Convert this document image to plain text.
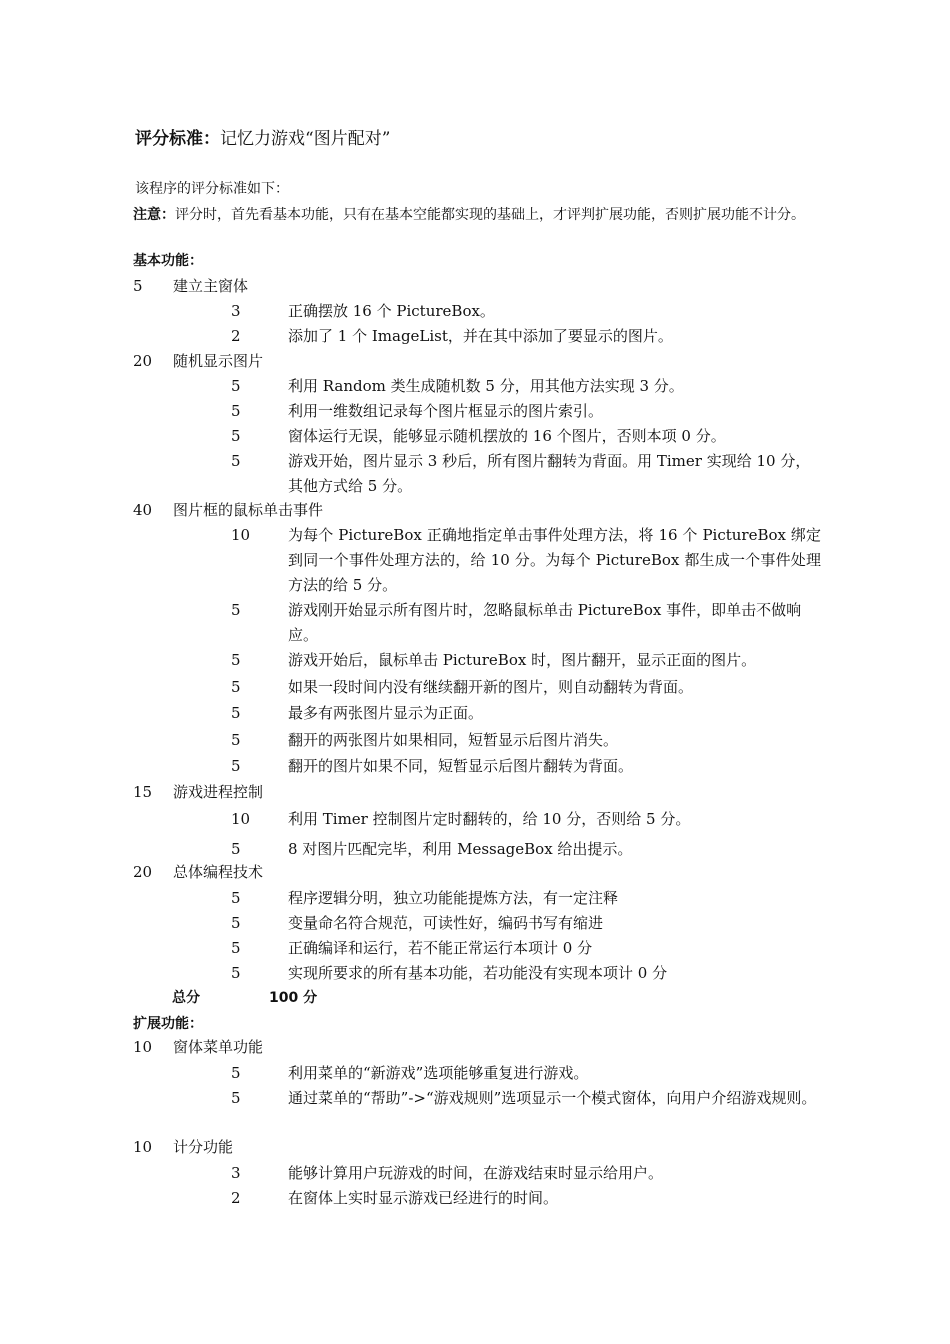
评分标准：记忆力游戏“图片配对”
该程序的评分标准如下：
注意：评分时，首先看基本功能，只有在基本空能都实现的基础上，才评判扩展功能，否则扩展功能不计分。
基本功能：
5 建立主窗体
3	正确摆放 16 个 PictureBox。
2	添加了 1 个 ImageList，并在其中添加了要显示的图片。
20 随机显示图片
5	利用 Random 类生成随机数 5 分，用其他方法实现 3 分。
5	利用一维数组记录每个图片框显示的图片索引。
5	窗体运行无误，能够显示随机摆放的 16 个图片，否则本项 0 分。
5	游戏开始，图片显示 3 秒后，所有图片翻转为背面。用 Timer 实现给 10 分，其他方式给 5 分。
40 图片框的鼠标单击事件
10	为每个 PictureBox 正确地指定单击事件处理方法，将 16 个 PictureBox 绑定到同一个事件处理方法的，给 10 分。为每个 PictureBox 都生成一个事件处理方法的给 5 分。
5	游戏刚开始显示所有图片时，忽略鼠标单击 PictureBox 事件，即单击不做响应。
5	游戏开始后，鼠标单击 PictureBox 时，图片翻开，显示正面的图片。
5	如果一段时间内没有继续翻开新的图片，则自动翻转为背面。
5	最多有两张图片显示为正面。
5	翻开的两张图片如果相同，短暂显示后图片消失。
5	翻开的图片如果不同，短暂显示后图片翻转为背面。
15 游戏进程控制
10	利用 Timer 控制图片定时翻转的，给 10 分，否则给 5 分。
5	8 对图片匹配完毕，利用 MessageBox 给出提示。
20 总体编程技术
5	程序逻辑分明，独立功能能提炼方法，有一定注释
5	变量命名符合规范，可读性好，编码书写有缩进
5	正确编译和运行，若不能正常运行本项计 0 分
5	实现所要求的所有基本功能，若功能没有实现本项计 0 分
总分	100 分
扩展功能：
10 窗体菜单功能
5	利用菜单的“新游戏”选项能够重复进行游戏。
5	通过菜单的“帮助”->“游戏规则”选项显示一个模式窗体，向用户介绍游戏规则。
10 计分功能
3	能够计算用户玩游戏的时间，在游戏结束时显示给用户。
2	在窗体上实时显示游戏已经进行的时间。
